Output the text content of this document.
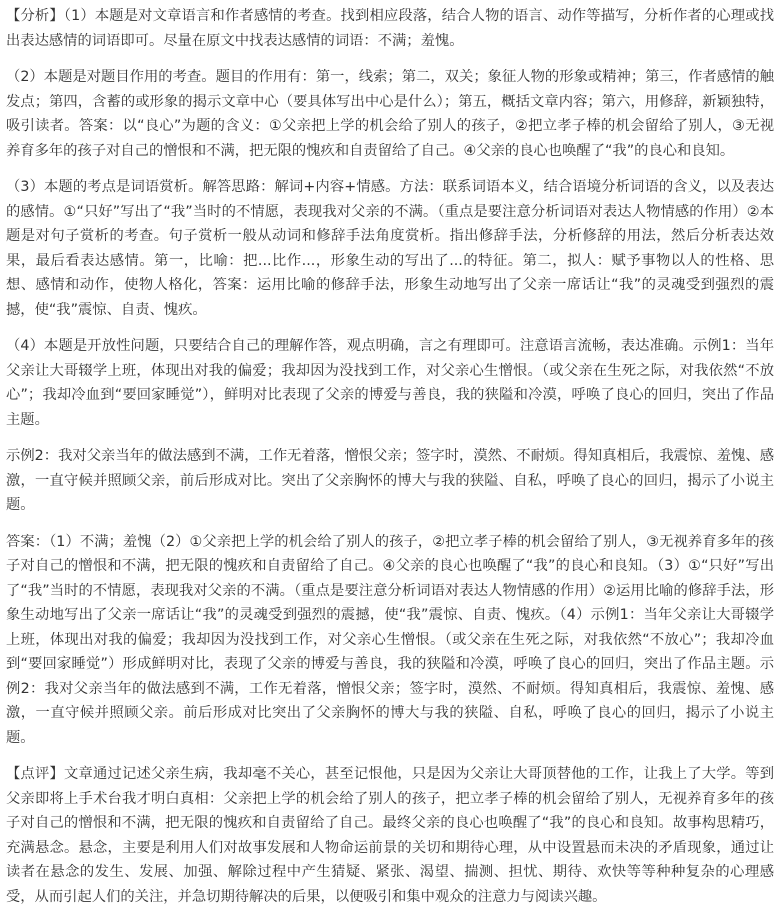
【分析】（1）本题是对文章语言和作者感情的考查。找到相应段落，结合人物的语言、动作等描写，分析作者的心理或找出表达感情的词语即可。尽量在原文中找表达感情的词语：不满；羞愧。

（2）本题是对题目作用的考查。题目的作用有：第一，线索；第二，双关；象征人物的形象或精神；第三，作者感情的触发点；第四，含蓄的或形象的揭示文章中心（要具体写出中心是什么）；第五，概括文章内容；第六，用修辞，新颖独特，吸引读者。答案：以“良心”为题的含义：①父亲把上学的机会给了别人的孩子，②把立孝子棒的机会留给了别人，③无视养育多年的孩子对自己的憎恨和不满，把无限的愧疚和自责留给了自己。④父亲的良心也唤醒了“我”的良心和良知。

（3）本题的考点是词语赏析。解答思路：解词+内容+情感。方法：联系词语本义，结合语境分析词语的含义，以及表达的感情。①“只好”写出了“我”当时的不情愿，表现我对父亲的不满。（重点是要注意分析词语对表达人物情感的作用）②本题是对句子赏析的考查。句子赏析一般从动词和修辞手法角度赏析。指出修辞手法，分析修辞的用法，然后分析表达效果，最后看表达感情。第一，比喻：把...比作...，形象生动的写出了...的特征。第二，拟人：赋予事物以人的性格、思想、感情和动作，使物人格化，答案：运用比喻的修辞手法，形象生动地写出了父亲一席话让“我”的灵魂受到强烈的震撼，使“我”震惊、自责、愧疚。

（4）本题是开放性问题，只要结合自己的理解作答，观点明确，言之有理即可。注意语言流畅，表达准确。示例1：当年父亲让大哥辍学上班，体现出对我的偏爱；我却因为没找到工作，对父亲心生憎恨。（或父亲在生死之际，对我依然“不放心”；我却冷血到“要回家睡觉”），鲜明对比表现了父亲的博爱与善良，我的狭隘和冷漠，呼唤了良心的回归，突出了作品主题。

示例2：我对父亲当年的做法感到不满，工作无着落，憎恨父亲；签字时，漠然、不耐烦。得知真相后，我震惊、羞愧、感激，一直守候并照顾父亲，前后形成对比。突出了父亲胸怀的博大与我的狭隘、自私，呼唤了良心的回归，揭示了小说主题。

答案：（1）不满；羞愧（2）①父亲把上学的机会给了别人的孩子，②把立孝子棒的机会留给了别人，③无视养育多年的孩子对自己的憎恨和不满，把无限的愧疚和自责留给了自己。④父亲的良心也唤醒了“我”的良心和良知。（3）①“只好”写出了“我”当时的不情愿，表现我对父亲的不满。（重点是要注意分析词语对表达人物情感的作用）②运用比喻的修辞手法，形象生动地写出了父亲一席话让“我”的灵魂受到强烈的震撼，使“我”震惊、自责、愧疚。（4）示例1：当年父亲让大哥辍学上班，体现出对我的偏爱；我却因为没找到工作，对父亲心生憎恨。（或父亲在生死之际，对我依然“不放心”；我却冷血到“要回家睡觉”）形成鲜明对比，表现了父亲的博爱与善良，我的狭隘和冷漠，呼唤了良心的回归，突出了作品主题。示例2：我对父亲当年的做法感到不满，工作无着落，憎恨父亲；签字时，漠然、不耐烦。得知真相后，我震惊、羞愧、感激，一直守候并照顾父亲。前后形成对比突出了父亲胸怀的博大与我的狭隘、自私，呼唤了良心的回归，揭示了小说主题。

【点评】文章通过记述父亲生病，我却毫不关心，甚至记恨他，只是因为父亲让大哥顶替他的工作，让我上了大学。等到父亲即将上手术台我才明白真相：父亲把上学的机会给了别人的孩子，把立孝子棒的机会留给了别人，无视养育多年的孩子对自己的憎恨和不满，把无限的愧疚和自责留给了自己。最终父亲的良心也唤醒了“我”的良心和良知。故事构思精巧，充满悬念。悬念，主要是利用人们对故事发展和人物命运前景的关切和期待心理，从中设置悬而未决的矛盾现象，通过让读者在悬念的发生、发展、加强、解除过程中产生猜疑、紧张、渴望、揣测、担忧、期待、欢快等等种种复杂的心理感受，从而引起人们的关注，并急切期待解决的后果，以便吸引和集中观众的注意力与阅读兴趣。
